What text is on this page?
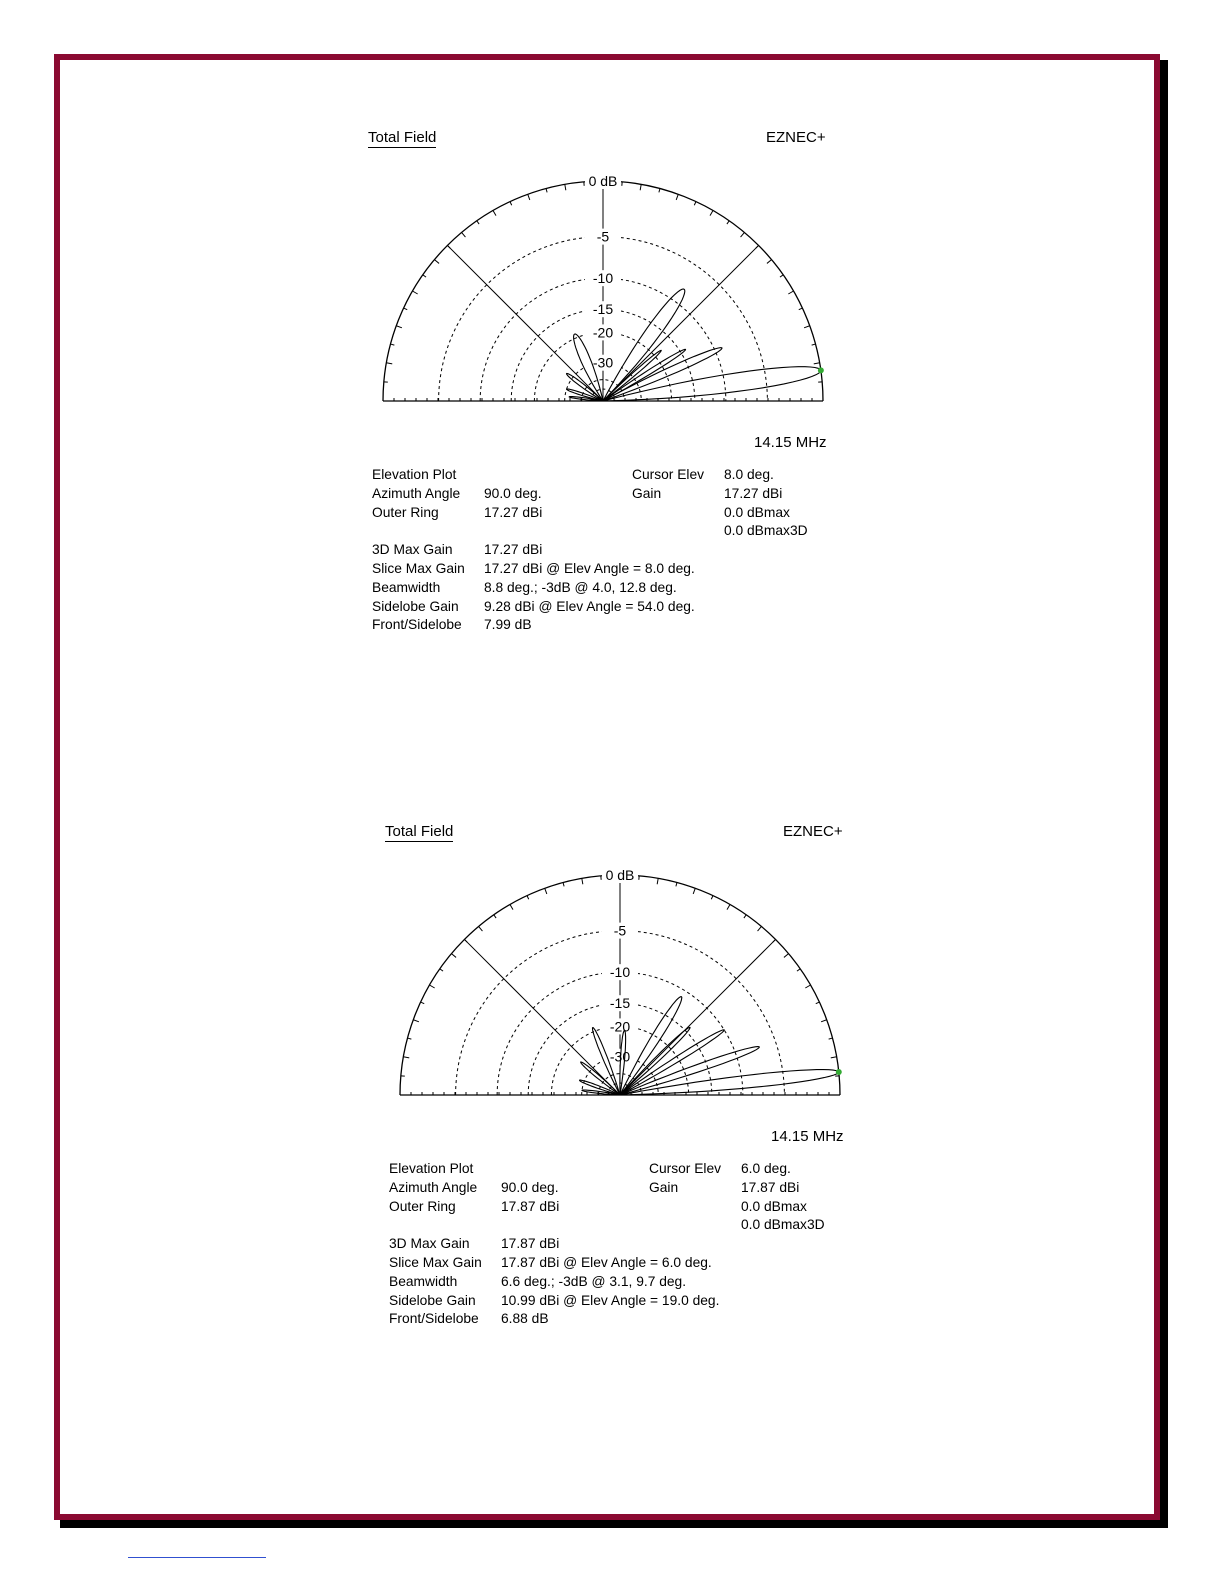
Total Field	EZNEC+
0 dB
-5
-10
-15
-20
-30
14.15 MHz
Elevation Plot	Cursor Elev 8.0 deg.
Azimuth Angle 90.0 deg.	Gain	17.27 dBi
Outer Ring	17.27 dBi	0.0 dBmax
0.0 dBmax3D
3D Max Gain 17.27 dBi
Slice Max Gain 17.27 dBi @ Elev Angle = 8.0 deg.
Beamwidth	8.8 deg.; -3dB @ 4.0, 12.8 deg.
Sidelobe Gain 9.28 dBi @ Elev Angle = 54.0 deg.
Front/Sidelobe 7.99 dB
Total Field	EZNEC+
0 dB
-5
-10
-15
-20
-30
14.15 MHz
Elevation Plot	Cursor Elev 6.0 deg.
Azimuth Angle 90.0 deg.	Gain	17.87 dBi
Outer Ring	17.87 dBi	0.0 dBmax
0.0 dBmax3D
3D Max Gain 17.87 dBi
Slice Max Gain 17.87 dBi @ Elev Angle = 6.0 deg.
Beamwidth	6.6 deg.; -3dB @ 3.1, 9.7 deg.
Sidelobe Gain 10.99 dBi @ Elev Angle = 19.0 deg.
Front/Sidelobe 6.88 dB
